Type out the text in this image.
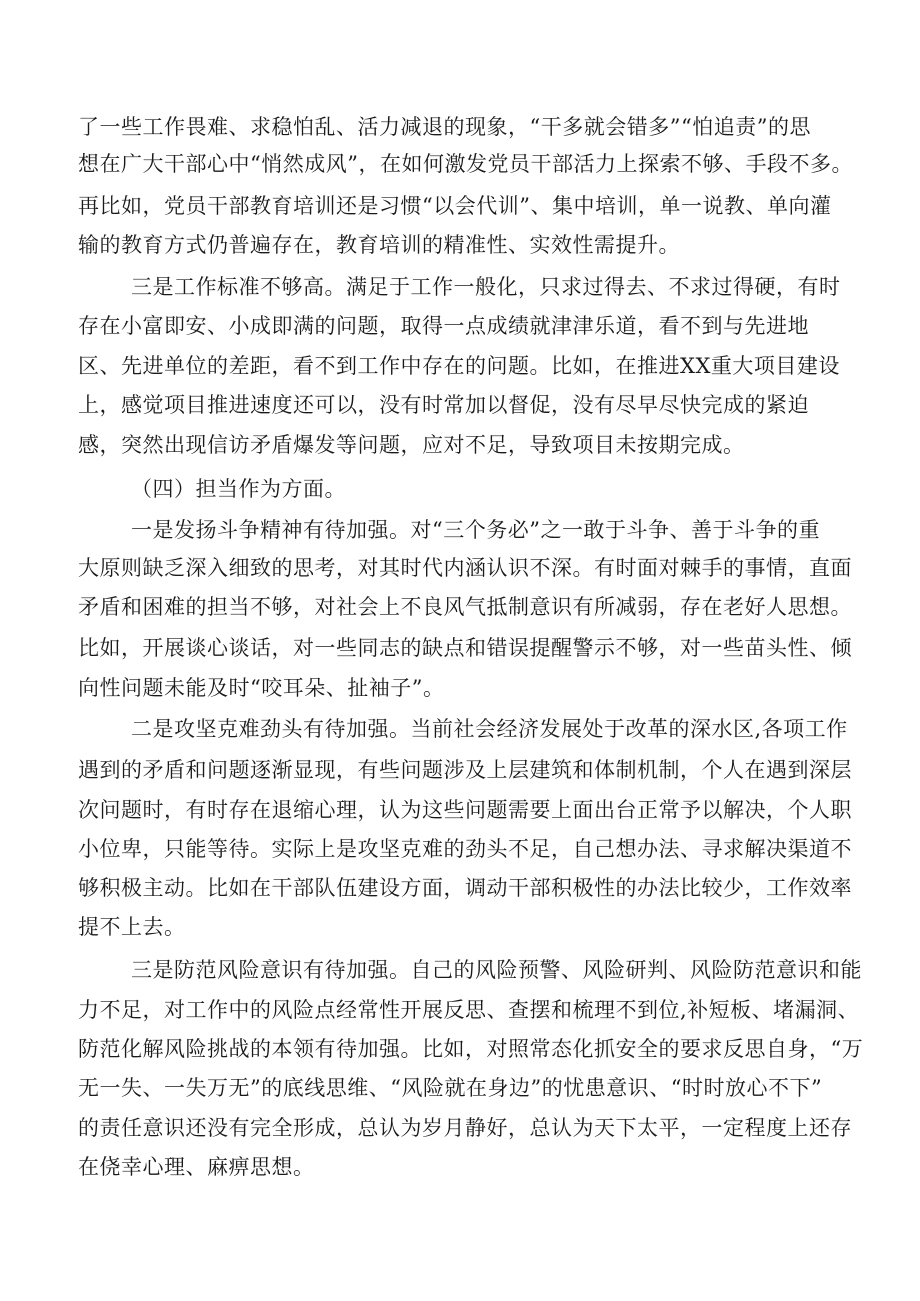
了一些工作畏难、求稳怕乱、活力减退的现象，“干多就会错多”“怕追责”的思
想在广大干部心中“悄然成风”，在如何激发党员干部活力上探索不够、手段不多。
再比如，党员干部教育培训还是习惯“以会代训”、集中培训，单一说教、单向灌
输的教育方式仍普遍存在，教育培训的精准性、实效性需提升。
三是工作标准不够高。满足于工作一般化，只求过得去、不求过得硬，有时
存在小富即安、小成即满的问题，取得一点成绩就津津乐道，看不到与先进地
区、先进单位的差距，看不到工作中存在的问题。比如，在推进XX重大项目建设
上，感觉项目推进速度还可以，没有时常加以督促，没有尽早尽快完成的紧迫
感，突然出现信访矛盾爆发等问题，应对不足，导致项目未按期完成。
（四）担当作为方面。
一是发扬斗争精神有待加强。对“三个务必”之一敢于斗争、善于斗争的重
大原则缺乏深入细致的思考，对其时代内涵认识不深。有时面对棘手的事情，直面
矛盾和困难的担当不够，对社会上不良风气抵制意识有所减弱，存在老好人思想。
比如，开展谈心谈话，对一些同志的缺点和错误提醒警示不够，对一些苗头性、倾
向性问题未能及时“咬耳朵、扯袖子”。
二是攻坚克难劲头有待加强。当前社会经济发展处于改革的深水区,各项工作
遇到的矛盾和问题逐渐显现，有些问题涉及上层建筑和体制机制，个人在遇到深层
次问题时，有时存在退缩心理，认为这些问题需要上面出台正常予以解决，个人职
小位卑，只能等待。实际上是攻坚克难的劲头不足，自己想办法、寻求解决渠道不
够积极主动。比如在干部队伍建设方面，调动干部积极性的办法比较少，工作效率
提不上去。
三是防范风险意识有待加强。自己的风险预警、风险研判、风险防范意识和能
力不足，对工作中的风险点经常性开展反思、查摆和梳理不到位,补短板、堵漏洞、
防范化解风险挑战的本领有待加强。比如，对照常态化抓安全的要求反思自身，“万
无一失、一失万无”的底线思维、“风险就在身边”的忧患意识、“时时放心不下”
的责任意识还没有完全形成，总认为岁月静好，总认为天下太平，一定程度上还存
在侥幸心理、麻痹思想。
